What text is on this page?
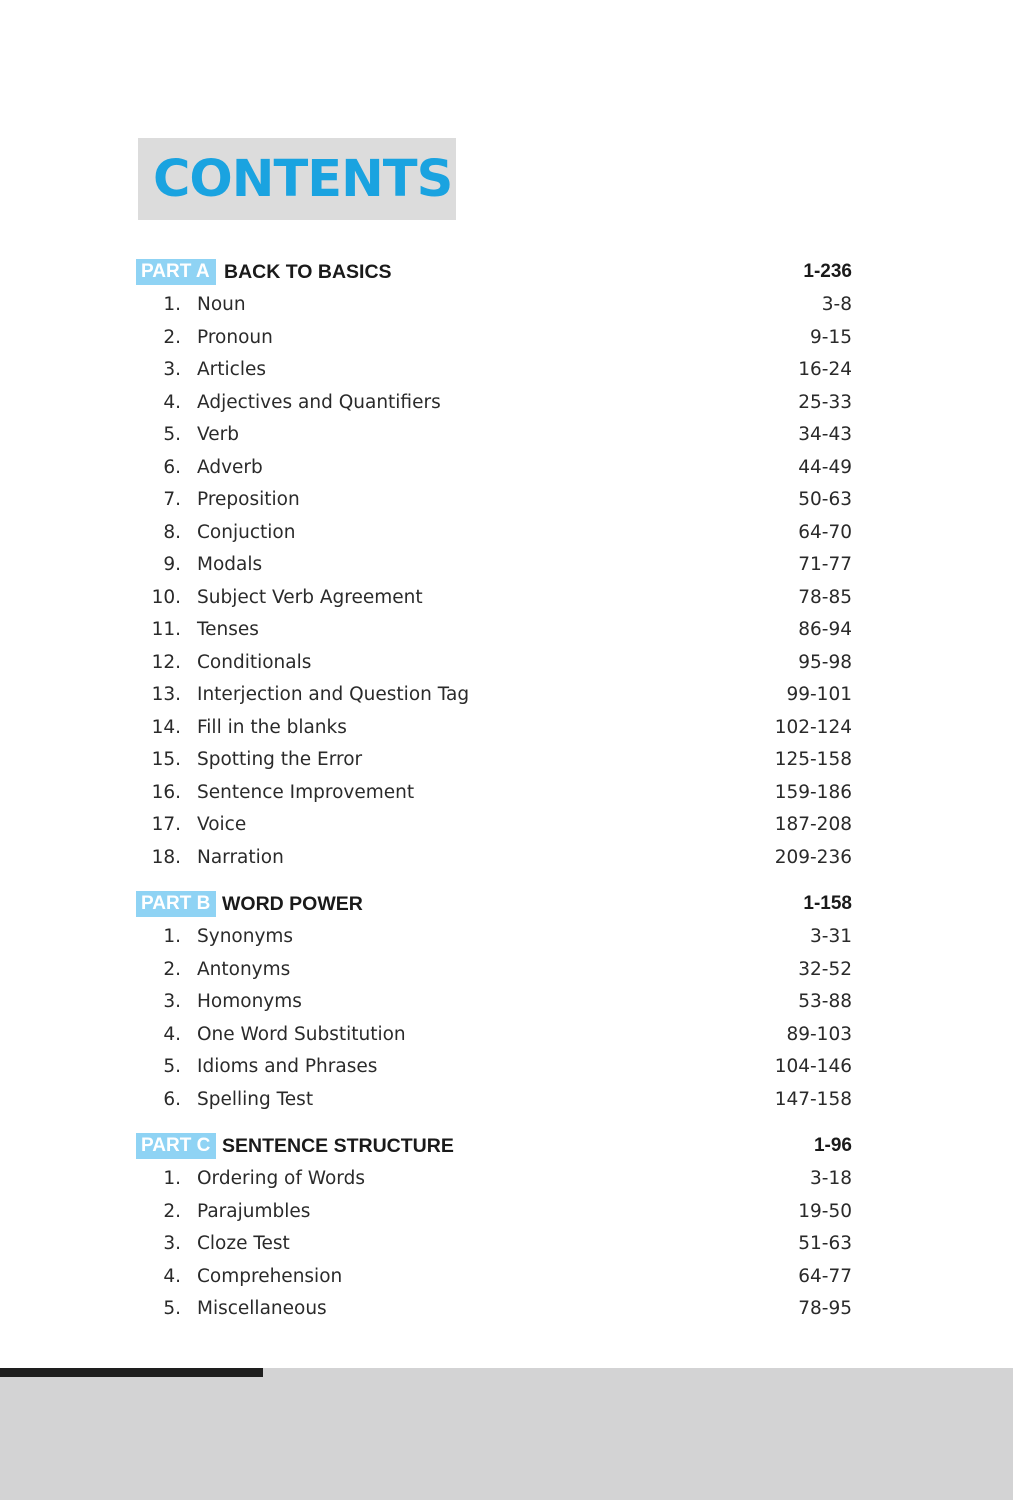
CONTENTS
PART A BACK TO BASICS	1-236
1. Noun	3-8
2. Pronoun	9-15
3. Articles	16-24
4. Adjectives and Quantifiers	25-33
5. Verb	34-43
6. Adverb	44-49
7. Preposition	50-63
8. Conjuction	64-70
9. Modals	71-77
10. Subject Verb Agreement	78-85
11. Tenses	86-94
12. Conditionals	95-98
13. Interjection and Question Tag	99-101
14. Fill in the blanks	102-124
15. Spotting the Error	125-158
16. Sentence Improvement	159-186
17. Voice	187-208
18. Narration	209-236
PART B WORD POWER	1-158
1. Synonyms	3-31
2. Antonyms	32-52
3. Homonyms	53-88
4. One Word Substitution	89-103
5. Idioms and Phrases	104-146
6. Spelling Test	147-158
PART C SENTENCE STRUCTURE	1-96
1. Ordering of Words	3-18
2. Parajumbles	19-50
3. Cloze Test	51-63
4. Comprehension	64-77
5. Miscellaneous	78-95
